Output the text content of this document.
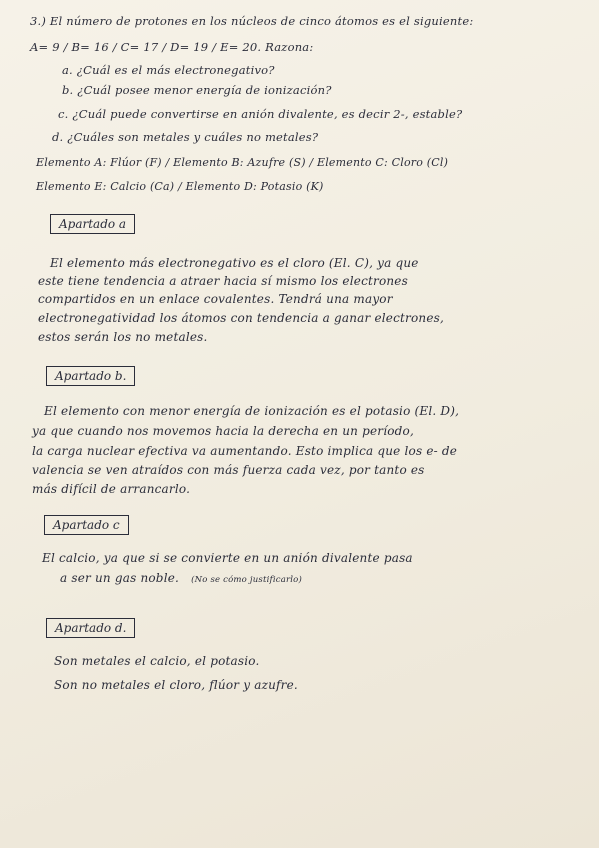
3.) El número de protones en los núcleos de cinco átomos es el siguiente:
A= 9 / B= 16 / C= 17 / D= 19 / E= 20. Razona:
a. ¿Cuál es el más electronegativo?
b. ¿Cuál posee menor energía de ionización?
c. ¿Cuál puede convertirse en anión divalente, es decir 2-, estable?
d. ¿Cuáles son metales y cuáles no metales?
Elemento A: Flúor (F) / Elemento B: Azufre (S) / Elemento C: Cloro (Cl)
Elemento E: Calcio (Ca) / Elemento D: Potasio (K)
Apartado a
El elemento más electronegativo es el cloro (El. C), ya que
este tiene tendencia a atraer hacia sí mismo los electrones
compartidos en un enlace covalentes. Tendrá una mayor
electronegatividad los átomos con tendencia a ganar electrones,
estos serán los no metales.
Apartado b.
El elemento con menor energía de ionización es el potasio (El. D),
ya que cuando nos movemos hacia la derecha en un período,
la carga nuclear efectiva va aumentando. Esto implica que los e- de
valencia se ven atraídos con más fuerza cada vez, por tanto es
más difícil de arrancarlo.
Apartado c
El calcio, ya que si se convierte en un anión divalente pasa
a ser un gas noble. (No se cómo justificarlo)
Apartado d.
Son metales el calcio, el potasio.
Son no metales el cloro, flúor y azufre.
